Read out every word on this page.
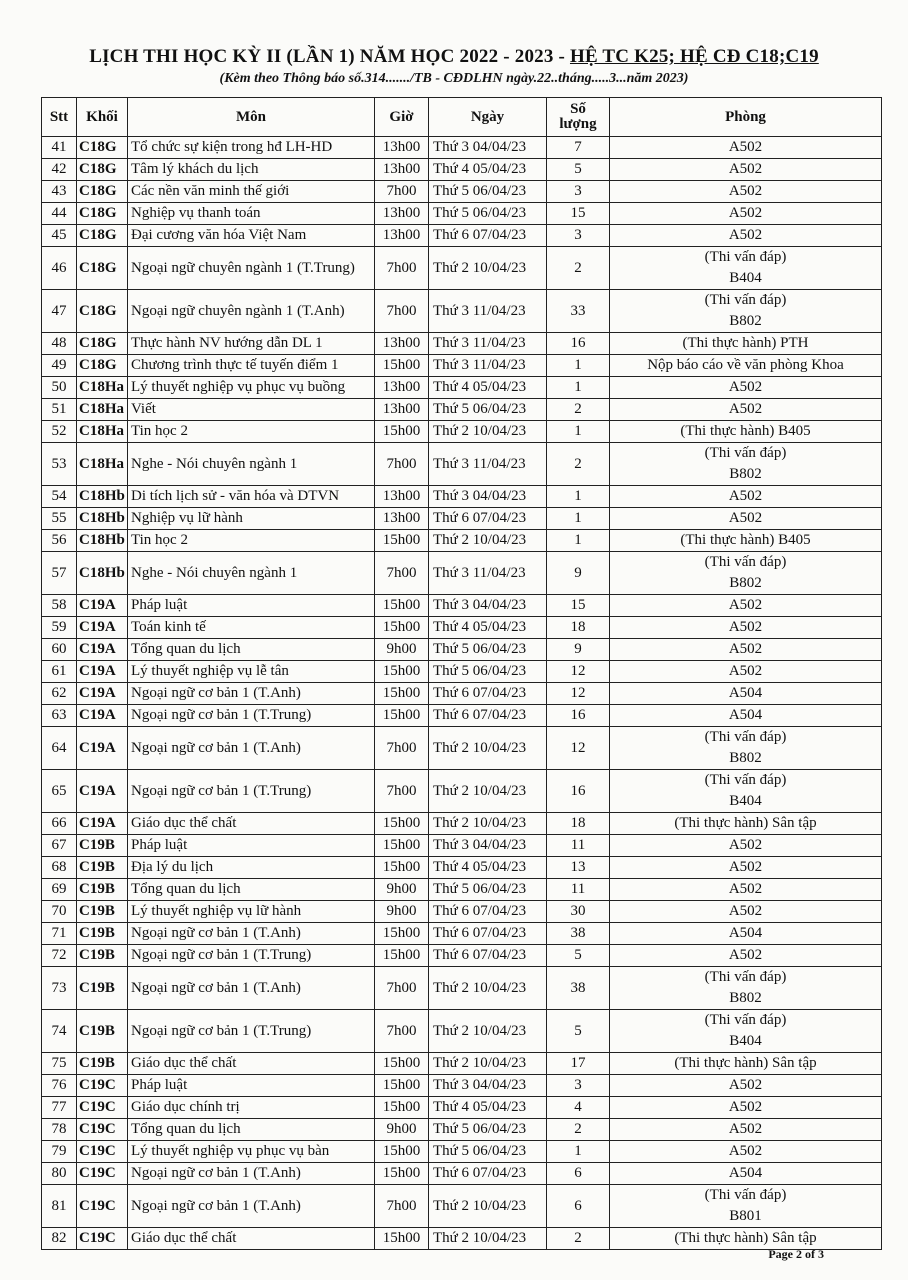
LỊCH THI HỌC KỲ II (LẦN 1) NĂM HỌC 2022 - 2023 - HỆ TC K25; HỆ CĐ C18;C19
(Kèm theo Thông báo số.314......./TB - CĐDLHN ngày.22..tháng.....3...năm 2023)
Stt	Khối	Môn	Giờ	Ngày	Số lượng	Phòng
41	C18G	Tổ chức sự kiện trong hđ LH-HD	13h00	Thứ 3 04/04/23	7	A502

42	C18G	Tâm lý khách du lịch	13h00	Thứ 4 05/04/23	5	A502

43	C18G	Các nền văn minh thế giới	7h00	Thứ 5 06/04/23	3	A502

44	C18G	Nghiệp vụ thanh toán	13h00	Thứ 5 06/04/23	15	A502

45	C18G	Đại cương văn hóa Việt Nam	13h00	Thứ 6 07/04/23	3	A502

46	C18G	Ngoại ngữ chuyên ngành 1 (T.Trung)	7h00	Thứ 2 10/04/23	2	(Thi vấn đáp)
B404

47	C18G	Ngoại ngữ chuyên ngành 1 (T.Anh)	7h00	Thứ 3 11/04/23	33	(Thi vấn đáp)
B802

48	C18G	Thực hành NV hướng dẫn DL 1	13h00	Thứ 3 11/04/23	16	(Thi thực hành) PTH

49	C18G	Chương trình thực tế tuyến điểm 1	15h00	Thứ 3 11/04/23	1	Nộp báo cáo về văn phòng Khoa

50	C18Ha	Lý thuyết nghiệp vụ phục vụ buồng	13h00	Thứ 4 05/04/23	1	A502

51	C18Ha	Viết	13h00	Thứ 5 06/04/23	2	A502

52	C18Ha	Tin học 2	15h00	Thứ 2 10/04/23	1	(Thi thực hành) B405

53	C18Ha	Nghe - Nói chuyên ngành 1	7h00	Thứ 3 11/04/23	2	(Thi vấn đáp)
B802

54	C18Hb	Di tích lịch sử - văn hóa và DTVN	13h00	Thứ 3 04/04/23	1	A502

55	C18Hb	Nghiệp vụ lữ hành	13h00	Thứ 6 07/04/23	1	A502

56	C18Hb	Tin học 2	15h00	Thứ 2 10/04/23	1	(Thi thực hành) B405

57	C18Hb	Nghe - Nói chuyên ngành 1	7h00	Thứ 3 11/04/23	9	(Thi vấn đáp)
B802

58	C19A	Pháp luật	15h00	Thứ 3 04/04/23	15	A502

59	C19A	Toán kinh tế	15h00	Thứ 4 05/04/23	18	A502

60	C19A	Tổng quan du lịch	9h00	Thứ 5 06/04/23	9	A502

61	C19A	Lý thuyết nghiệp vụ lễ tân	15h00	Thứ 5 06/04/23	12	A502

62	C19A	Ngoại ngữ cơ bản 1 (T.Anh)	15h00	Thứ 6 07/04/23	12	A504

63	C19A	Ngoại ngữ cơ bản 1 (T.Trung)	15h00	Thứ 6 07/04/23	16	A504

64	C19A	Ngoại ngữ cơ bản 1 (T.Anh)	7h00	Thứ 2 10/04/23	12	(Thi vấn đáp)
B802

65	C19A	Ngoại ngữ cơ bản 1 (T.Trung)	7h00	Thứ 2 10/04/23	16	(Thi vấn đáp)
B404

66	C19A	Giáo dục thể chất	15h00	Thứ 2 10/04/23	18	(Thi thực hành) Sân tập

67	C19B	Pháp luật	15h00	Thứ 3 04/04/23	11	A502

68	C19B	Địa lý du lịch	15h00	Thứ 4 05/04/23	13	A502

69	C19B	Tổng quan du lịch	9h00	Thứ 5 06/04/23	11	A502

70	C19B	Lý thuyết nghiệp vụ lữ hành	9h00	Thứ 6 07/04/23	30	A502

71	C19B	Ngoại ngữ cơ bản 1 (T.Anh)	15h00	Thứ 6 07/04/23	38	A504

72	C19B	Ngoại ngữ cơ bản 1 (T.Trung)	15h00	Thứ 6 07/04/23	5	A502

73	C19B	Ngoại ngữ cơ bản 1 (T.Anh)	7h00	Thứ 2 10/04/23	38	(Thi vấn đáp)
B802

74	C19B	Ngoại ngữ cơ bản 1 (T.Trung)	7h00	Thứ 2 10/04/23	5	(Thi vấn đáp)
B404

75	C19B	Giáo dục thể chất	15h00	Thứ 2 10/04/23	17	(Thi thực hành) Sân tập

76	C19C	Pháp luật	15h00	Thứ 3 04/04/23	3	A502

77	C19C	Giáo dục chính trị	15h00	Thứ 4 05/04/23	4	A502

78	C19C	Tổng quan du lịch	9h00	Thứ 5 06/04/23	2	A502

79	C19C	Lý thuyết nghiệp vụ phục vụ bàn	15h00	Thứ 5 06/04/23	1	A502

80	C19C	Ngoại ngữ cơ bản 1 (T.Anh)	15h00	Thứ 6 07/04/23	6	A504

81	C19C	Ngoại ngữ cơ bản 1 (T.Anh)	7h00	Thứ 2 10/04/23	6	(Thi vấn đáp)
B801

82	C19C	Giáo dục thể chất	15h00	Thứ 2 10/04/23	2	(Thi thực hành) Sân tập
Page 2 of 3
